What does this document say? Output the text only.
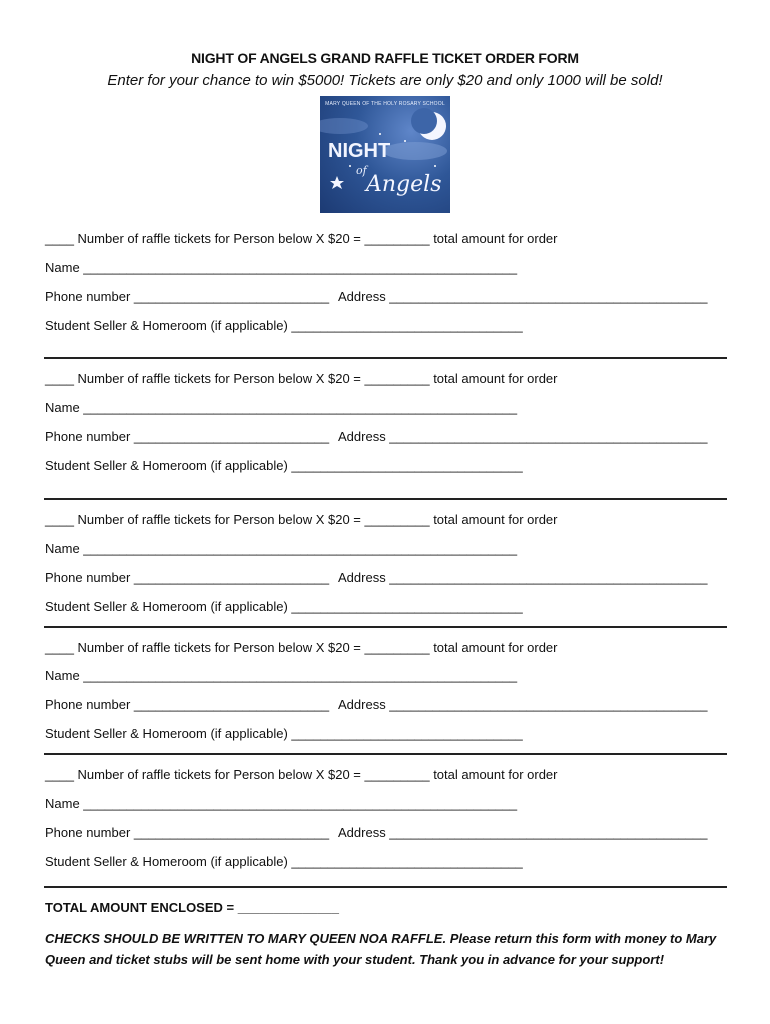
NIGHT OF ANGELS GRAND RAFFLE TICKET ORDER FORM
Enter for your chance to win $5000! Tickets are only $20 and only 1000 will be sold!
MARY QUEEN OF THE HOLY ROSARY SCHOOL
NIGHT
of
Angels
____ Number of raffle tickets for Person below X $20 = _________ total amount for order
Name ____________________________________________________________
Phone number ___________________________ Address ____________________________________________
Student Seller & Homeroom (if applicable) ________________________________
____ Number of raffle tickets for Person below X $20 = _________ total amount for order
Name ____________________________________________________________
Phone number ___________________________ Address ____________________________________________
Student Seller & Homeroom (if applicable) ________________________________
____ Number of raffle tickets for Person below X $20 = _________ total amount for order
Name ____________________________________________________________
Phone number ___________________________ Address ____________________________________________
Student Seller & Homeroom (if applicable) ________________________________
____ Number of raffle tickets for Person below X $20 = _________ total amount for order
Name ____________________________________________________________
Phone number ___________________________ Address ____________________________________________
Student Seller & Homeroom (if applicable) ________________________________
____ Number of raffle tickets for Person below X $20 = _________ total amount for order
Name ____________________________________________________________
Phone number ___________________________ Address ____________________________________________
Student Seller & Homeroom (if applicable) ________________________________
TOTAL AMOUNT ENCLOSED = ______________
CHECKS SHOULD BE WRITTEN TO MARY QUEEN NOA RAFFLE. Please return this form with money to Mary Queen and ticket stubs will be sent home with your student. Thank you in advance for your support!
